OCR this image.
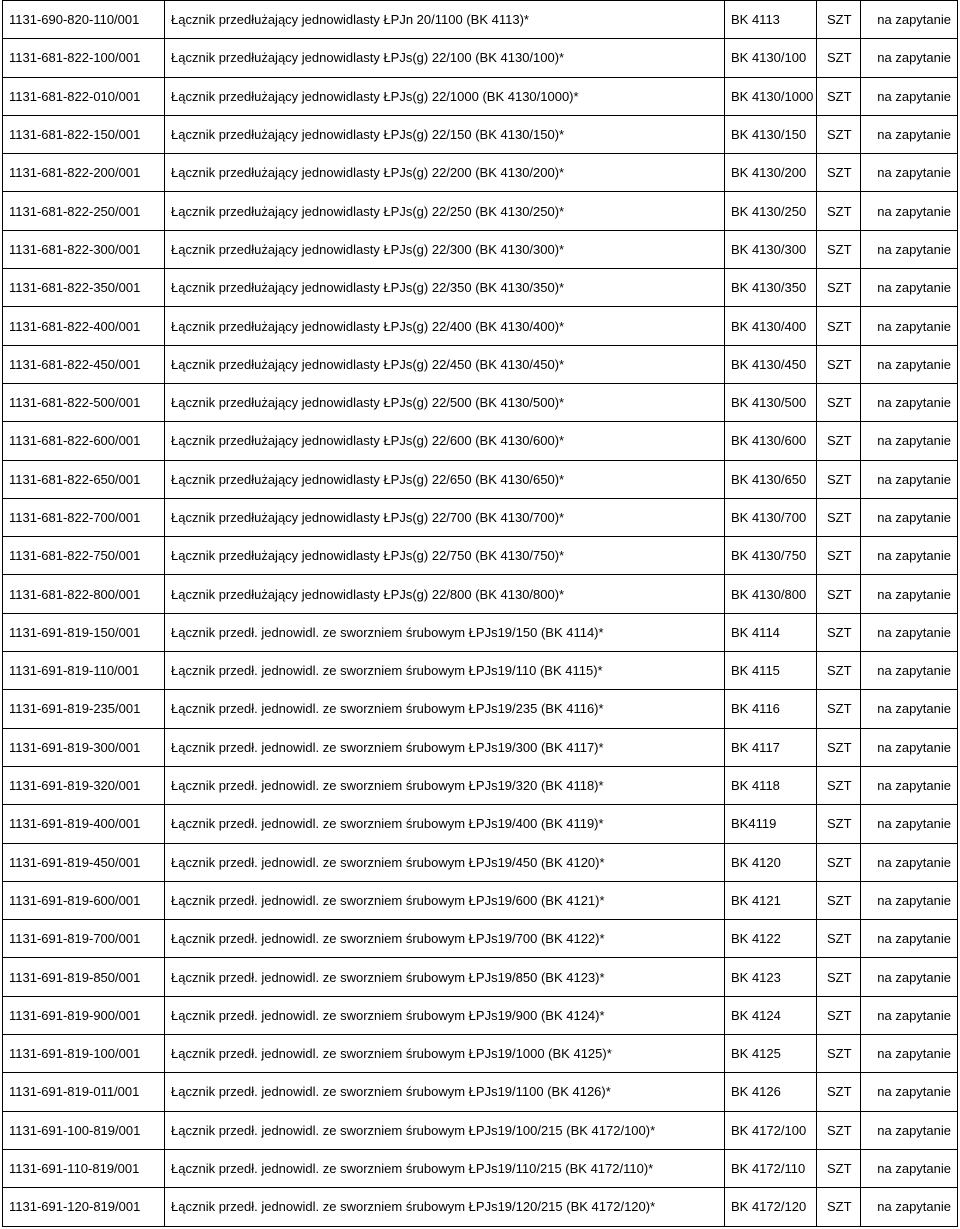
1131-690-820-110/001	Łącznik przedłużający jednowidlasty ŁPJn 20/1100 (BK 4113)*	BK 4113	SZT	na zapytanie
1131-681-822-100/001	Łącznik przedłużający jednowidlasty ŁPJs(g) 22/100 (BK 4130/100)*	BK 4130/100	SZT	na zapytanie
1131-681-822-010/001	Łącznik przedłużający jednowidlasty ŁPJs(g) 22/1000 (BK 4130/1000)*	BK 4130/1000	SZT	na zapytanie
1131-681-822-150/001	Łącznik przedłużający jednowidlasty ŁPJs(g) 22/150 (BK 4130/150)*	BK 4130/150	SZT	na zapytanie
1131-681-822-200/001	Łącznik przedłużający jednowidlasty ŁPJs(g) 22/200 (BK 4130/200)*	BK 4130/200	SZT	na zapytanie
1131-681-822-250/001	Łącznik przedłużający jednowidlasty ŁPJs(g) 22/250 (BK 4130/250)*	BK 4130/250	SZT	na zapytanie
1131-681-822-300/001	Łącznik przedłużający jednowidlasty ŁPJs(g) 22/300 (BK 4130/300)*	BK 4130/300	SZT	na zapytanie
1131-681-822-350/001	Łącznik przedłużający jednowidlasty ŁPJs(g) 22/350 (BK 4130/350)*	BK 4130/350	SZT	na zapytanie
1131-681-822-400/001	Łącznik przedłużający jednowidlasty ŁPJs(g) 22/400 (BK 4130/400)*	BK 4130/400	SZT	na zapytanie
1131-681-822-450/001	Łącznik przedłużający jednowidlasty ŁPJs(g) 22/450 (BK 4130/450)*	BK 4130/450	SZT	na zapytanie
1131-681-822-500/001	Łącznik przedłużający jednowidlasty ŁPJs(g) 22/500 (BK 4130/500)*	BK 4130/500	SZT	na zapytanie
1131-681-822-600/001	Łącznik przedłużający jednowidlasty ŁPJs(g) 22/600 (BK 4130/600)*	BK 4130/600	SZT	na zapytanie
1131-681-822-650/001	Łącznik przedłużający jednowidlasty ŁPJs(g) 22/650 (BK 4130/650)*	BK 4130/650	SZT	na zapytanie
1131-681-822-700/001	Łącznik przedłużający jednowidlasty ŁPJs(g) 22/700 (BK 4130/700)*	BK 4130/700	SZT	na zapytanie
1131-681-822-750/001	Łącznik przedłużający jednowidlasty ŁPJs(g) 22/750 (BK 4130/750)*	BK 4130/750	SZT	na zapytanie
1131-681-822-800/001	Łącznik przedłużający jednowidlasty ŁPJs(g) 22/800 (BK 4130/800)*	BK 4130/800	SZT	na zapytanie
1131-691-819-150/001	Łącznik przedł. jednowidl. ze sworzniem śrubowym ŁPJs19/150 (BK 4114)*	BK 4114	SZT	na zapytanie
1131-691-819-110/001	Łącznik przedł. jednowidl. ze sworzniem śrubowym ŁPJs19/110 (BK 4115)*	BK 4115	SZT	na zapytanie
1131-691-819-235/001	Łącznik przedł. jednowidl. ze sworzniem śrubowym ŁPJs19/235 (BK 4116)*	BK 4116	SZT	na zapytanie
1131-691-819-300/001	Łącznik przedł. jednowidl. ze sworzniem śrubowym ŁPJs19/300 (BK 4117)*	BK 4117	SZT	na zapytanie
1131-691-819-320/001	Łącznik przedł. jednowidl. ze sworzniem śrubowym ŁPJs19/320 (BK 4118)*	BK 4118	SZT	na zapytanie
1131-691-819-400/001	Łącznik przedł. jednowidl. ze sworzniem śrubowym ŁPJs19/400 (BK 4119)*	BK4119	SZT	na zapytanie
1131-691-819-450/001	Łącznik przedł. jednowidl. ze sworzniem śrubowym ŁPJs19/450 (BK 4120)*	BK 4120	SZT	na zapytanie
1131-691-819-600/001	Łącznik przedł. jednowidl. ze sworzniem śrubowym ŁPJs19/600 (BK 4121)*	BK 4121	SZT	na zapytanie
1131-691-819-700/001	Łącznik przedł. jednowidl. ze sworzniem śrubowym ŁPJs19/700 (BK 4122)*	BK 4122	SZT	na zapytanie
1131-691-819-850/001	Łącznik przedł. jednowidl. ze sworzniem śrubowym ŁPJs19/850 (BK 4123)*	BK 4123	SZT	na zapytanie
1131-691-819-900/001	Łącznik przedł. jednowidl. ze sworzniem śrubowym ŁPJs19/900 (BK 4124)*	BK 4124	SZT	na zapytanie
1131-691-819-100/001	Łącznik przedł. jednowidl. ze sworzniem śrubowym ŁPJs19/1000 (BK 4125)*	BK 4125	SZT	na zapytanie
1131-691-819-011/001	Łącznik przedł. jednowidl. ze sworzniem śrubowym ŁPJs19/1100 (BK 4126)*	BK 4126	SZT	na zapytanie
1131-691-100-819/001	Łącznik przedł. jednowidl. ze sworzniem śrubowym ŁPJs19/100/215 (BK 4172/100)*	BK 4172/100	SZT	na zapytanie
1131-691-110-819/001	Łącznik przedł. jednowidl. ze sworzniem śrubowym ŁPJs19/110/215 (BK 4172/110)*	BK 4172/110	SZT	na zapytanie
1131-691-120-819/001	Łącznik przedł. jednowidl. ze sworzniem śrubowym ŁPJs19/120/215 (BK 4172/120)*	BK 4172/120	SZT	na zapytanie
